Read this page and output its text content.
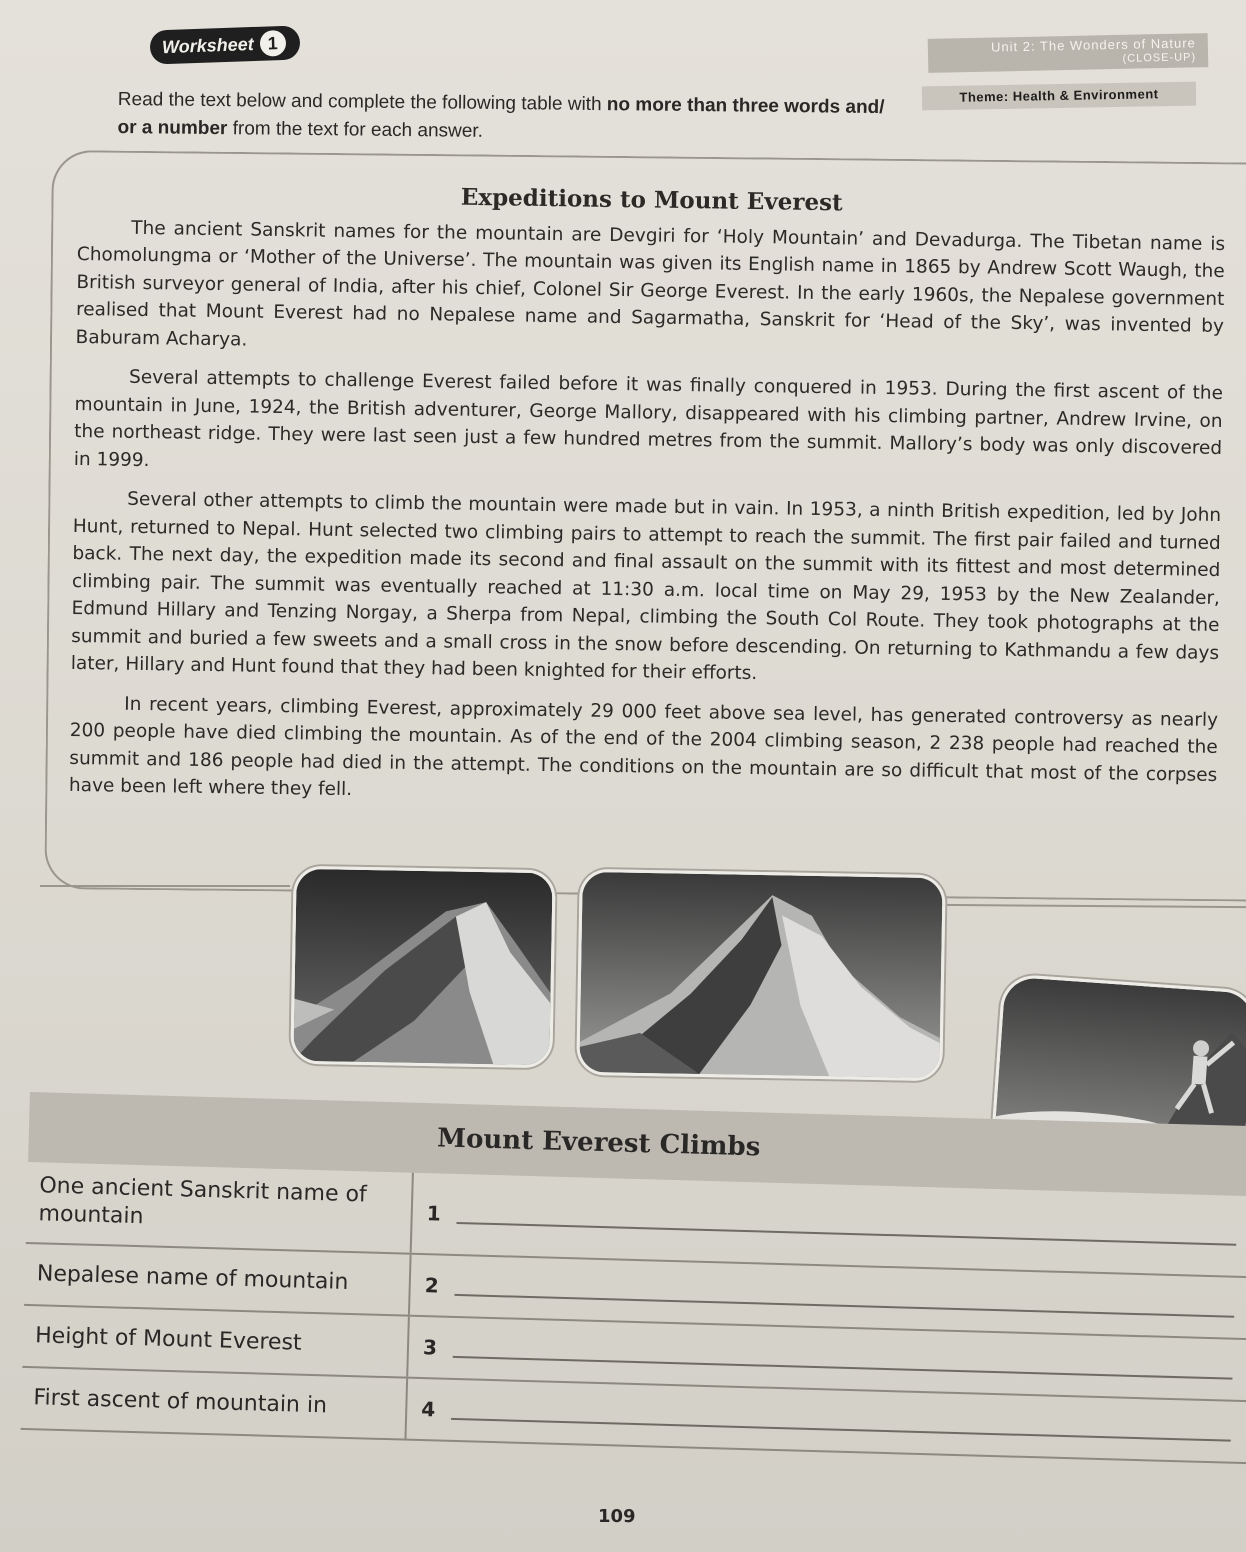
Worksheet 1	Unit 2: The Wonders of Nature
(CLOSE-UP)
Theme: Health & Environment
Read the text below and complete the following table with no more than three words and/ or a number from the text for each answer.
Expeditions to Mount Everest

The ancient Sanskrit names for the mountain are Devgiri for ‘Holy Mountain’ and Devadurga. The Tibetan name is Chomolungma or ‘Mother of the Universe’. The mountain was given its English name in 1865 by Andrew Scott Waugh, the British surveyor general of India, after his chief, Colonel Sir George Everest. In the early 1960s, the Nepalese government realised that Mount Everest had no Nepalese name and Sagarmatha, Sanskrit for ‘Head of the Sky’, was invented by Baburam Acharya.

Several attempts to challenge Everest failed before it was finally conquered in 1953. During the first ascent of the mountain in June, 1924, the British adventurer, George Mallory, disappeared with his climbing partner, Andrew Irvine, on the northeast ridge. They were last seen just a few hundred metres from the summit. Mallory’s body was only discovered in 1999.

Several other attempts to climb the mountain were made but in vain. In 1953, a ninth British expedition, led by John Hunt, returned to Nepal. Hunt selected two climbing pairs to attempt to reach the summit. The first pair failed and turned back. The next day, the expedition made its second and final assault on the summit with its fittest and most determined climbing pair. The summit was eventually reached at 11:30 a.m. local time on May 29, 1953 by the New Zealander, Edmund Hillary and Tenzing Norgay, a Sherpa from Nepal, climbing the South Col Route. They took photographs at the summit and buried a few sweets and a small cross in the snow before descending. On returning to Kathmandu a few days later, Hillary and Hunt found that they had been knighted for their efforts.

In recent years, climbing Everest, approximately 29 000 feet above sea level, has generated controversy as nearly 200 people have died climbing the mountain. As of the end of the 2004 climbing season, 2 238 people had reached the summit and 186 people had died in the attempt. The conditions on the mountain are so difficult that most of the corpses have been left where they fell.

Mount Everest Climbs
One ancient Sanskrit name of mountain	1
Nepalese name of mountain	2
Height of Mount Everest	3
First ascent of mountain in	4
109
